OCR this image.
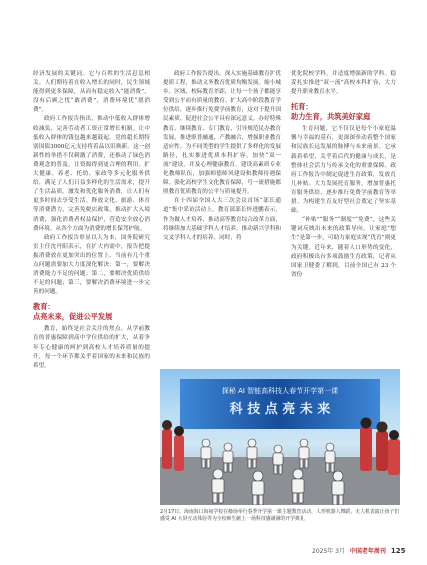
经济发展的关键词。它与百姓的生活息息相关。人们期待着在收入增长的同时，民生领域能得到更多保障，从而有稳定收入“能消费”，没有后顾之忧“敢消费”，消费环境优“愿消费”。

政府工作报告指出，推动中低收入群体增收减负，完善劳动者工资正常增长机制。让中低收入群体的钱包越来越鼓起。党的超长期特别国债3000亿元支持将着品以旧换新。这一创新性的举措不仅刺激了消费，还推动了绿色消费观念的普及。让资源得到更合理的利用。扩大健康、养老、托幼、家政等多元化服务供给，满足了人们日益多样化的生活需求，提升了生活品质。激发和优化服务消费，让人们有更多时间去享受生活。释放文化、旅游、体育等消费潜力，完善免税店政策，推动扩大入境消费，强化消费者权益保护，营造安全放心消费环境。从各个方面为消费的增长保驾护航。

政府工作报告彰显以人为本，国务院研究室主任沈丹阳表示，在扩大内需中，报告把提振消费放在更加突出的位置上，当前有几个重点问题需要加大力度深化解决：第一，要解决消费能力不足的问题；第二，要解决优质供给不足的问题；第三，要解决消费环境进一步完善的问题。

教育：
点亮未来，促进公平发展

教育，始终是社会关注的焦点。从学前教育的普惠保障到高中学位供给的扩大，从着争年专心健康的呵护到高校人才培养质量的提升，每一个环节都关乎着国家的未来和民族的希望。

政府工作报告提出，深入实施基础教育扩优提质工程，推动义务教育优质均衡发展。缩小城乡、区域、校际教育差距，让每一个孩子都能享受到公平而有质量的教育。扩大高中阶段教育学位供给，逐步推行免费学前教育，这对于提升国民素质、促进社会公平具有深远意义。办好特殊教育、继续教育、专门教育，引导规范民办教育发展，推进职普融通、产教融合，增强职业教育适应性。为不同类型的学生提供了多样化的发展路径，扎实推进优质本科扩容。加快“双一流”建设，并及心理健康教育，建设高素质专业化教师队伍，加强师德师风建设和教师待遇保障。强化高校学生文化教育保障，号一流措施都照教育优质教育的公平与质量提升。

在十四届全国人大三次会议首场“部长通道”集中采访活动上，教育部部长怀进鹏表示，作为做人才培养、推动高等教育综合改革方面，将继续加大基础学科人才培养，推动新兴学科和交叉学科人才的培养。同时，将

优化院校学科，并适度增强新的学科。稳妥扎实推进“双一流”高校本科扩容，大力提升职业教育水平。

托育：
助力生育，共筑美好家庭

生育问题，它不仅仅是每个小家庭温馨与幸福的基石，更深深牵动着整个国家和民族长远发展的脉搏与未来前景。它承载着希望，关乎着后代的健康与成长，是整体社会活力与传承文化的重要保障。政府工作报告中制定促进生育政策，发放育儿补贴。大力发展托育服务，增加普惠托育服务供给，逐步推行免费学前教育等举措。为构建生育友好型社会奠定了坚实基础。

“补贴”“服务”“制度”“免费”，这些关键词反映出未来的政策导向。让家庭“想生”是第一步，可助力家庭实现“优育”则更为关键。近年来，随着人口形势的变化，政府积极出台多项鼓励生育政策，记者从国家卫健委了解到，目前全国已有 23 个省份

探秘 AI 智能高科技人春节开学第一课
科 技 点 亮 未 来
2月17日，海南海口海甸学校在操场举行春季开学第一课主题教育活动，人形机器人舞蹈、无人机表演让孩子们感受 AI 大屏互动体验等为全校师生献上一场科技感满满的开学典礼
2025年 3月 中国老年周刊 125
